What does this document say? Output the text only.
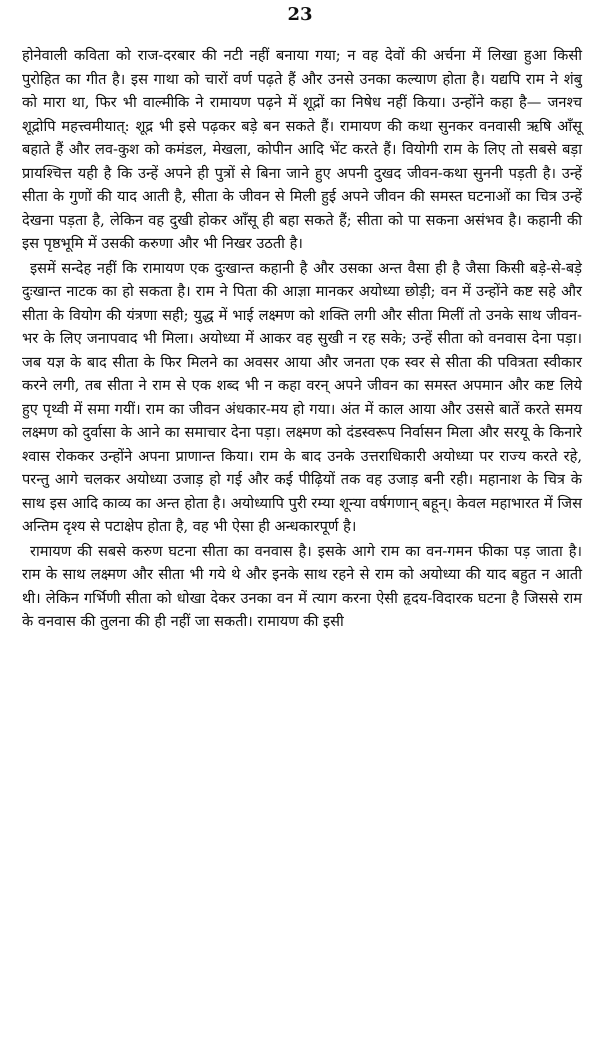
23

होनेवाली कविता को राज-दरबार की नटी नहीं बनाया गया; न वह देवों की अर्चना में लिखा हुआ किसी पुरोहित का गीत है। इस गाथा को चारों वर्ण पढ़ते हैं और उनसे उनका कल्याण होता है। यद्यपि राम ने शंबु को मारा था, फिर भी वाल्मीकि ने रामायण पढ़ने में शूद्रों का निषेध नहीं किया। उन्होंने कहा है— जनश्च शूद्रोपि महत्त्वमीयात्: शूद्र भी इसे पढ़कर बड़े बन सकते हैं। रामायण की कथा सुनकर वनवासी ऋषि आँसू बहाते हैं और लव-कुश को कमंडल, मेखला, कोपीन आदि भेंट करते हैं। वियोगी राम के लिए तो सबसे बड़ा प्रायश्चित्त यही है कि उन्हें अपने ही पुत्रों से बिना जाने हुए अपनी दुखद जीवन-कथा सुननी पड़ती है। उन्हें सीता के गुणों की याद आती है, सीता के जीवन से मिली हुई अपने जीवन की समस्त घटनाओं का चित्र उन्हें देखना पड़ता है, लेकिन वह दुखी होकर आँसू ही बहा सकते हैं; सीता को पा सकना असंभव है। कहानी की इस पृष्ठभूमि में उसकी करुणा और भी निखर उठती है।

इसमें सन्देह नहीं कि रामायण एक दुःखान्त कहानी है और उसका अन्त वैसा ही है जैसा किसी बड़े-से-बड़े दुःखान्त नाटक का हो सकता है। राम ने पिता की आज्ञा मानकर अयोध्या छोड़ी; वन में उन्होंने कष्ट सहे और सीता के वियोग की यंत्रणा सही; युद्ध में भाई लक्ष्मण को शक्ति लगी और सीता मिलीं तो उनके साथ जीवन-भर के लिए जनापवाद भी मिला। अयोध्या में आकर वह सुखी न रह सके; उन्हें सीता को वनवास देना पड़ा। जब यज्ञ के बाद सीता के फिर मिलने का अवसर आया और जनता एक स्वर से सीता की पवित्रता स्वीकार करने लगी, तब सीता ने राम से एक शब्द भी न कहा वरन् अपने जीवन का समस्त अपमान और कष्ट लिये हुए पृथ्वी में समा गयीं। राम का जीवन अंधकार-मय हो गया। अंत में काल आया और उससे बातें करते समय लक्ष्मण को दुर्वासा के आने का समाचार देना पड़ा। लक्ष्मण को दंडस्वरूप निर्वासन मिला और सरयू के किनारे श्वास रोककर उन्होंने अपना प्राणान्त किया। राम के बाद उनके उत्तराधिकारी अयोध्या पर राज्य करते रहे, परन्तु आगे चलकर अयोध्या उजाड़ हो गई और कई पीढ़ियों तक वह उजाड़ बनी रही। महानाश के चित्र के साथ इस आदि काव्य का अन्त होता है। अयोध्यापि पुरी रम्या शून्या वर्षगणान् बहून्। केवल महाभारत में जिस अन्तिम दृश्य से पटाक्षेप होता है, वह भी ऐसा ही अन्धकारपूर्ण है।

रामायण की सबसे करुण घटना सीता का वनवास है। इसके आगे राम का वन-गमन फीका पड़ जाता है। राम के साथ लक्ष्मण और सीता भी गये थे और इनके साथ रहने से राम को अयोध्या की याद बहुत न आती थी। लेकिन गर्भिणी सीता को धोखा देकर उनका वन में त्याग करना ऐसी हृदय-विदारक घटना है जिससे राम के वनवास की तुलना की ही नहीं जा सकती। रामायण की इसी
